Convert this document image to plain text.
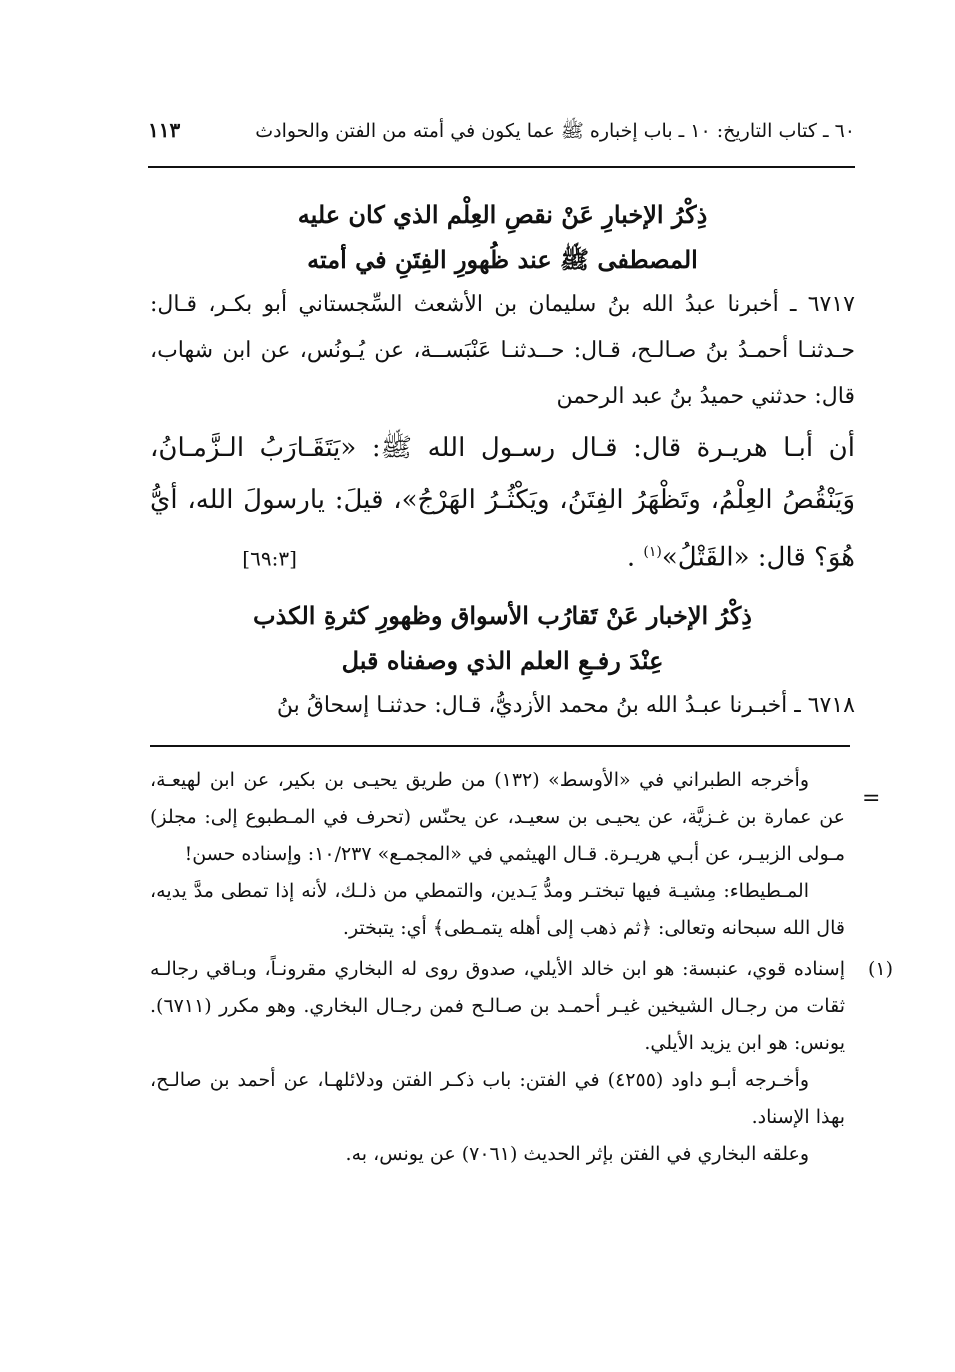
٦٠ ـ كتاب التاريخ: ١٠ ـ باب إخباره ﷺ عما يكون في أمته من الفتن والحوادث
١١٣

ذِكْرُ الإخبارِ عَنْ نقصِ العِلْم الذي كان عليه

المصطفى ﷺ عند ظُهورِ الفِتَنِ في أمته

٦٧١٧ ـ أخبرنا عبدُ الله بنُ سليمان بن الأشعث السِّجستاني أبو بكـر، قـال: حـدثنـا أحمـدُ بنُ صـالـح، قـال: حــدثنـا عَنْبَســة، عن يُـونُس، عن ابن شهاب، قال: حدثني حميدُ بنُ عبد الرحمن

أن أبـا هريـرة قال: قـال رسـول الله ﷺ: «يَتَقَـارَبُ الـزَّمـانُ، وَيَنْقُصُ العِلْمُ، وتَظْهَرُ الفِتَنُ، ويَكْثُـرُ الهَرْجُ»، قيلَ: يارسولَ الله، أيُّ هُوَ؟ قال: «القَتْلُ»$^{(١)}$ .[٦٩:٣]

ذِكْرُ الإخبار عَنْ تَقارُب الأسواق وظهورِ كثرةِ الكذب

عِنْدَ رفـعِ العلم الذي وصفناه قبل

٦٧١٨ ـ أخبـرنا عبـدُ الله بنُ محمد الأزديُّ، قـال: حدثنـا إسحاقُ بنُ

=

وأخرجه الطبراني في «الأوسط» (١٣٢) من طريق يحيـى بن بكير، عن ابن لهيعـة، عن عمارة بن غـزيَّة، عن يحيـى بن سعيـد، عن يحنّس (تحرف في المـطبوع إلى: مجلز) مـولى الزبيـر، عن أبـي هريـرة. قـال الهيثمي في «المجمـع» ١٠/٢٣٧: وإسناده حسن!

المـطيطاء: مِشيـة فيها تبختـر ومدُّ يَـدين، والتمطي من ذلـك، لأنه إذا تمطى مدَّ يديه، قال الله سبحانه وتعالى: ﴿ثم ذهب إلى أهله يتمـطى﴾ أي: يتبختر.

(١)
إسناده قوي، عنبسة: هو ابن خالد الأيلي، صدوق روى له البخاري مقرونـاً، وبـاقي رجالـه ثقات من رجـال الشيخين غيـر أحمـد بن صـالـح فمن رجـال البخاري. وهو مكرر (٦٧١١). يونس: هو ابن يزيد الأيلي.

وأخـرجه أبـو داود (٤٢٥٥) في الفتن: باب ذكـر الفتن ودلائلهـا، عن أحمد بن صالـح، بهذا الإسناد.

وعلقه البخاري في الفتن بإثر الحديث (٧٠٦١) عن يونس، به.
